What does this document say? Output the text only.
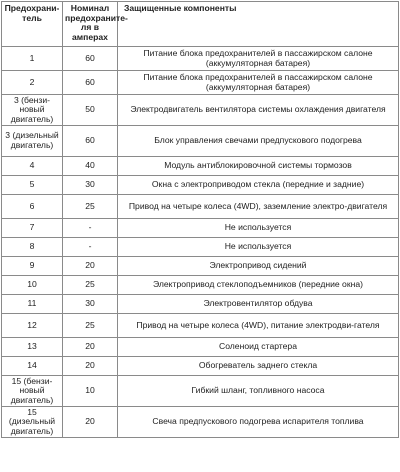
Предохрани-тель	Номинал предохраните-ля в амперах	Защищенные компоненты
1	60	Питание блока предохранителей в пассажирском салоне (аккумуляторная батарея)
2	60	Питание блока предохранителей в пассажирском салоне (аккумуляторная батарея)
3 (бензи-новый двигатель)	50	Электродвигатель вентилятора системы охлаждения двигателя
3 (дизельный двигатель)	60	Блок управления свечами предпускового подогрева
4	40	Модуль антиблокировочной системы тормозов
5	30	Окна с электроприводом стекла (передние и задние)
6	25	Привод на четыре колеса (4WD), заземление электро-двигателя
7	-	Не используется
8	-	Не используется
9	20	Электропривод сидений
10	25	Электропривод стеклоподъемников (передние окна)
11	30	Электровентилятор обдува
12	25	Привод на четыре колеса (4WD), питание электродви-гателя
13	20	Соленоид стартера
14	20	Обогреватель заднего стекла
15 (бензи-новый двигатель)	10	Гибкий шланг, топливного насоса
15 (дизельный двигатель)	20	Свеча предпускового подогрева испарителя топлива
